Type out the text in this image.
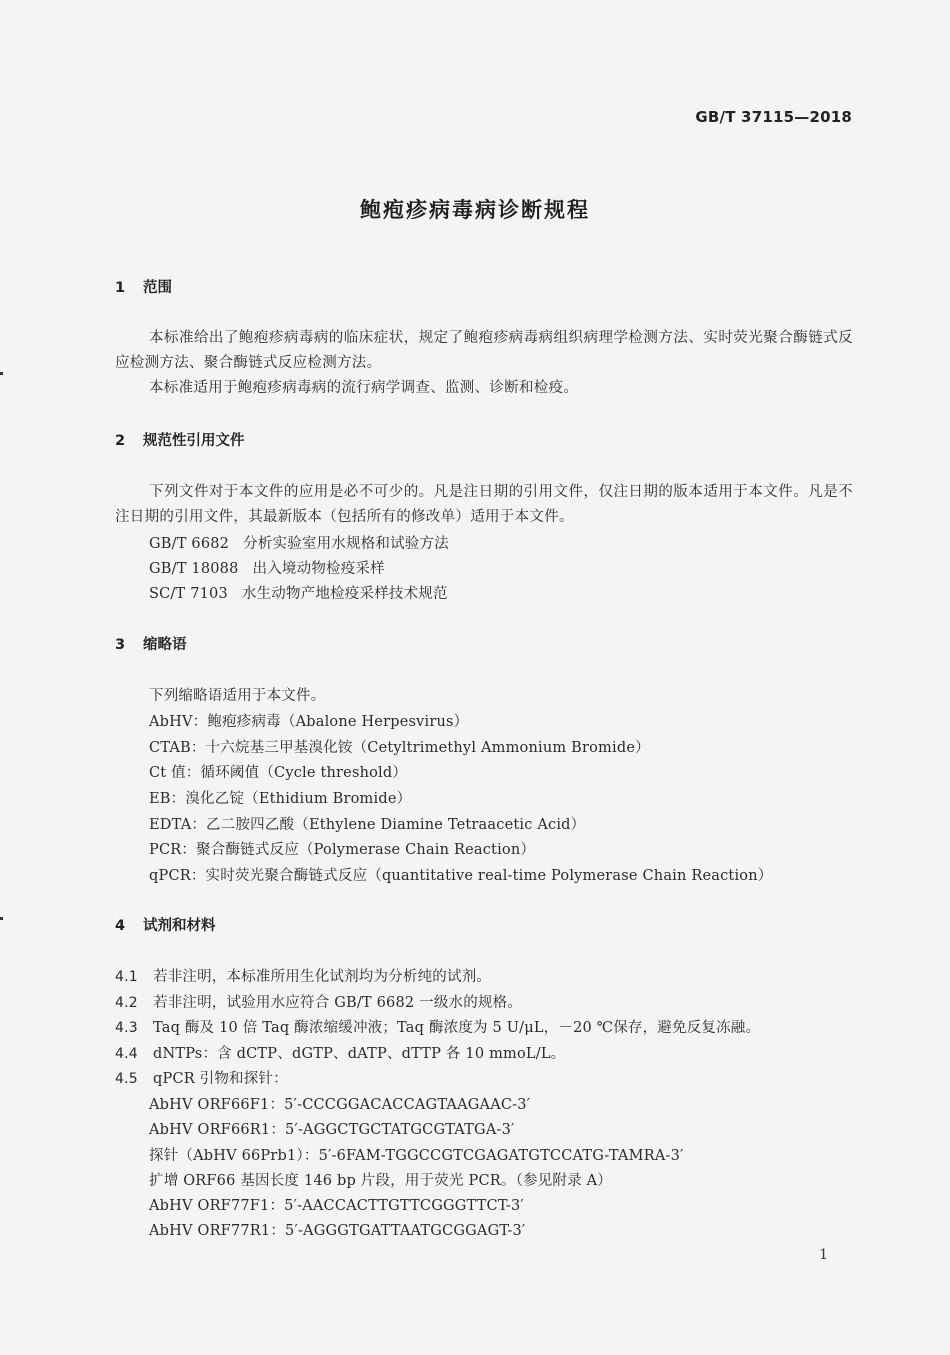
GB/T 37115—2018
鲍疱疹病毒病诊断规程
1 范围
本标准给出了鲍疱疹病毒病的临床症状，规定了鲍疱疹病毒病组织病理学检测方法、实时荧光聚合酶链式反应检测方法、聚合酶链式反应检测方法。
本标准适用于鲍疱疹病毒病的流行病学调查、监测、诊断和检疫。
2 规范性引用文件
下列文件对于本文件的应用是必不可少的。凡是注日期的引用文件，仅注日期的版本适用于本文件。凡是不注日期的引用文件，其最新版本（包括所有的修改单）适用于本文件。
GB/T 6682 分析实验室用水规格和试验方法
GB/T 18088 出入境动物检疫采样
SC/T 7103 水生动物产地检疫采样技术规范
3 缩略语
下列缩略语适用于本文件。
AbHV：鲍疱疹病毒（Abalone Herpesvirus）
CTAB：十六烷基三甲基溴化铵（Cetyltrimethyl Ammonium Bromide）
Ct 值：循环阈值（Cycle threshold）
EB：溴化乙锭（Ethidium Bromide）
EDTA：乙二胺四乙酸（Ethylene Diamine Tetraacetic Acid）
PCR：聚合酶链式反应（Polymerase Chain Reaction）
qPCR：实时荧光聚合酶链式反应（quantitative real-time Polymerase Chain Reaction）
4 试剂和材料
4.1 若非注明，本标准所用生化试剂均为分析纯的试剂。
4.2 若非注明，试验用水应符合 GB/T 6682 一级水的规格。
4.3 Taq 酶及 10 倍 Taq 酶浓缩缓冲液；Taq 酶浓度为 5 U/μL，－20 ℃保存，避免反复冻融。
4.4 dNTPs：含 dCTP、dGTP、dATP、dTTP 各 10 mmoL/L。
4.5 qPCR 引物和探针：
AbHV ORF66F1：5′-CCCGGACACCAGTAAGAAC-3′
AbHV ORF66R1：5′-AGGCTGCTATGCGTATGA-3′
探针（AbHV 66Prb1）：5′-6FAM-TGGCCGTCGAGATGTCCATG-TAMRA-3′
扩增 ORF66 基因长度 146 bp 片段，用于荧光 PCR。（参见附录 A）
AbHV ORF77F1：5′-AACCACTTGTTCGGGTTCT-3′
AbHV ORF77R1：5′-AGGGTGATTAATGCGGAGT-3′
1
